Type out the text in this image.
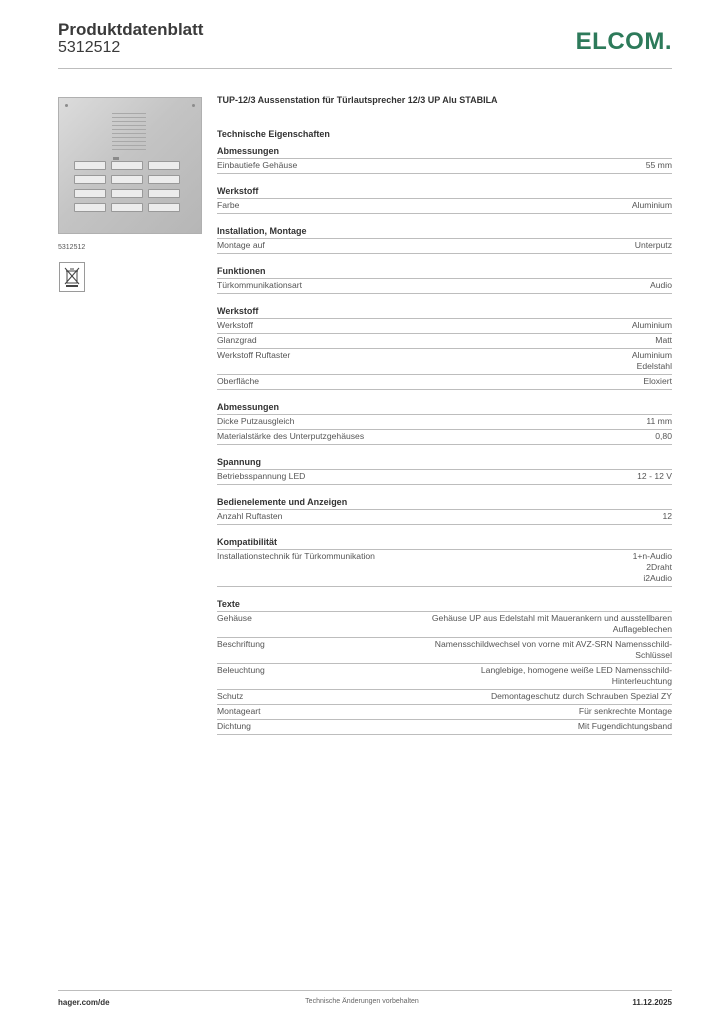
Produktdatenblatt
5312512	ELCOM.
5312512
TUP-12/3 Aussenstation für Türlautsprecher 12/3 UP Alu STABILA
Technische Eigenschaften
Abmessungen
Einbautiefe Gehäuse	55 mm
Werkstoff
Farbe	Aluminium
Installation, Montage
Montage auf	Unterputz
Funktionen
Türkommunikationsart	Audio
Werkstoff
Werkstoff	Aluminium
Glanzgrad	Matt
Werkstoff Ruftaster	Aluminium
Edelstahl
Oberfläche	Eloxiert
Abmessungen
Dicke Putzausgleich	11 mm
Materialstärke des Unterputzgehäuses	0,80
Spannung
Betriebsspannung LED	12 - 12 V
Bedienelemente und Anzeigen
Anzahl Ruftasten	12
Kompatibilität
Installationstechnik für Türkommunikation	1+n-Audio
2Draht
i2Audio
Texte
Gehäuse	Gehäuse UP aus Edelstahl mit Mauerankern und ausstellbaren
Auflageblechen
Beschriftung	Namensschildwechsel von vorne mit AVZ-SRN Namensschild-
Schlüssel
Beleuchtung	Langlebige, homogene weiße LED Namensschild-
Hinterleuchtung
Schutz	Demontageschutz durch Schrauben Spezial ZY
Montageart	Für senkrechte Montage
Dichtung	Mit Fugendichtungsband
hager.com/de	Technische Änderungen vorbehalten	11.12.2025
